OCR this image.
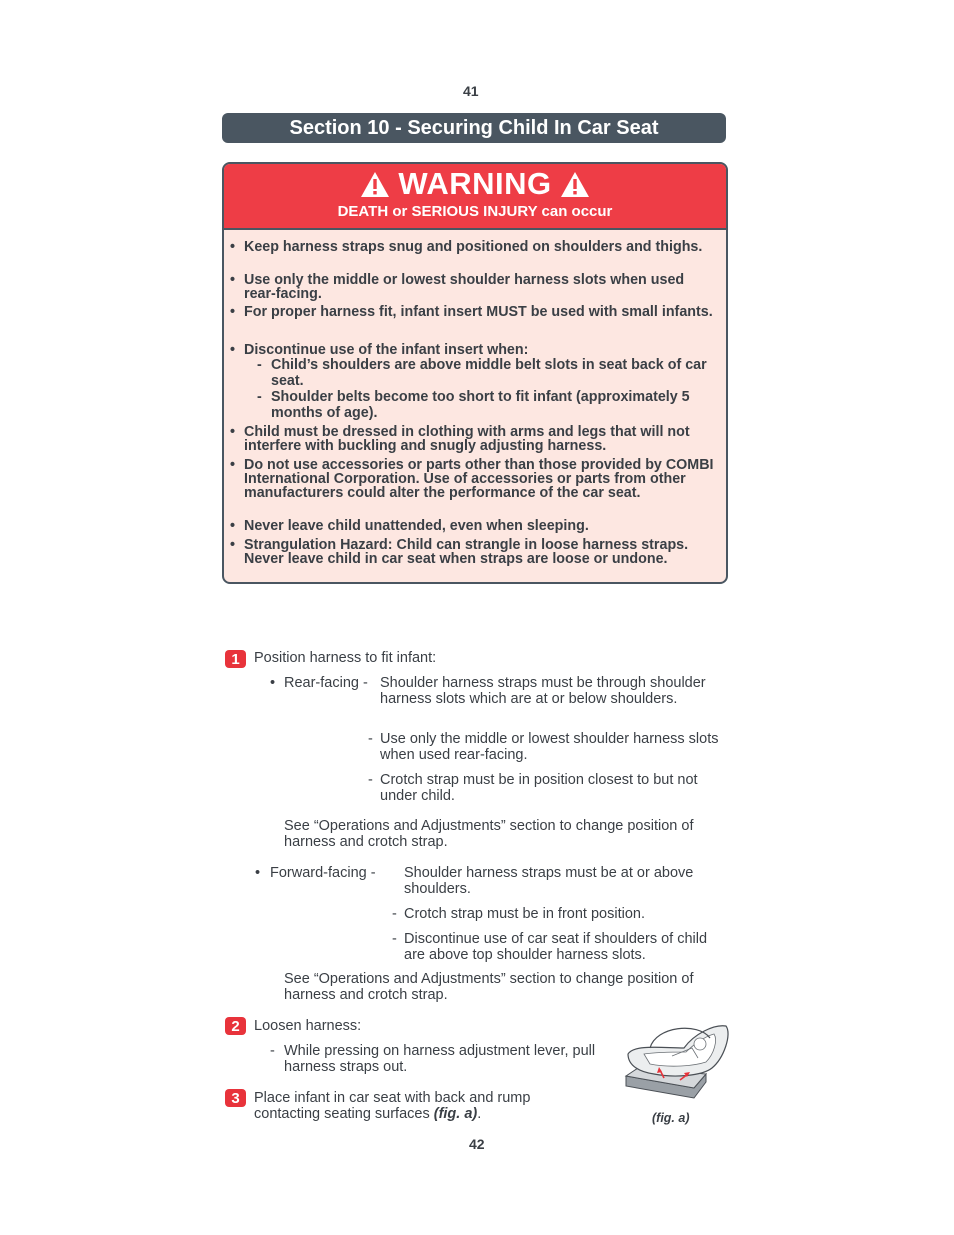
41
42
Section 10 - Securing Child In Car Seat
WARNING
DEATH or SERIOUS INJURY can occur
• Keep harness straps snug and positioned on shoulders and thighs.
• Use only the middle or lowest shoulder harness slots when used rear-facing.
• For proper harness fit, infant insert MUST be used with small infants.
• Discontinue use of the infant insert when:
- Child’s shoulders are above middle belt slots in seat back of car seat.
- Shoulder belts become too short to fit infant (approximately 5 months of age).
• Child must be dressed in clothing with arms and legs that will not interfere with buckling and snugly adjusting harness.
• Do not use accessories or parts other than those provided by COMBI International Corporation. Use of accessories or parts from other manufacturers could alter the performance of the car seat.
• Never leave child unattended, even when sleeping.
• Strangulation Hazard: Child can strangle in loose harness straps. Never leave child in car seat when straps are loose or undone.
1 Position harness to fit infant:
• Rear-facing - Shoulder harness straps must be through shoulder harness slots which are at or below shoulders.
- Use only the middle or lowest shoulder harness slots when used rear-facing.
- Crotch strap must be in position closest to but not under child.
See “Operations and Adjustments” section to change position of harness and crotch strap.
• Forward-facing - Shoulder harness straps must be at or above shoulders.
- Crotch strap must be in front position.
- Discontinue use of car seat if shoulders of child are above top shoulder harness slots.
See “Operations and Adjustments” section to change position of harness and crotch strap.
2 Loosen harness:
- While pressing on harness adjustment lever, pull harness straps out.
3 Place infant in car seat with back and rump contacting seating surfaces (fig. a).	(fig. a)
